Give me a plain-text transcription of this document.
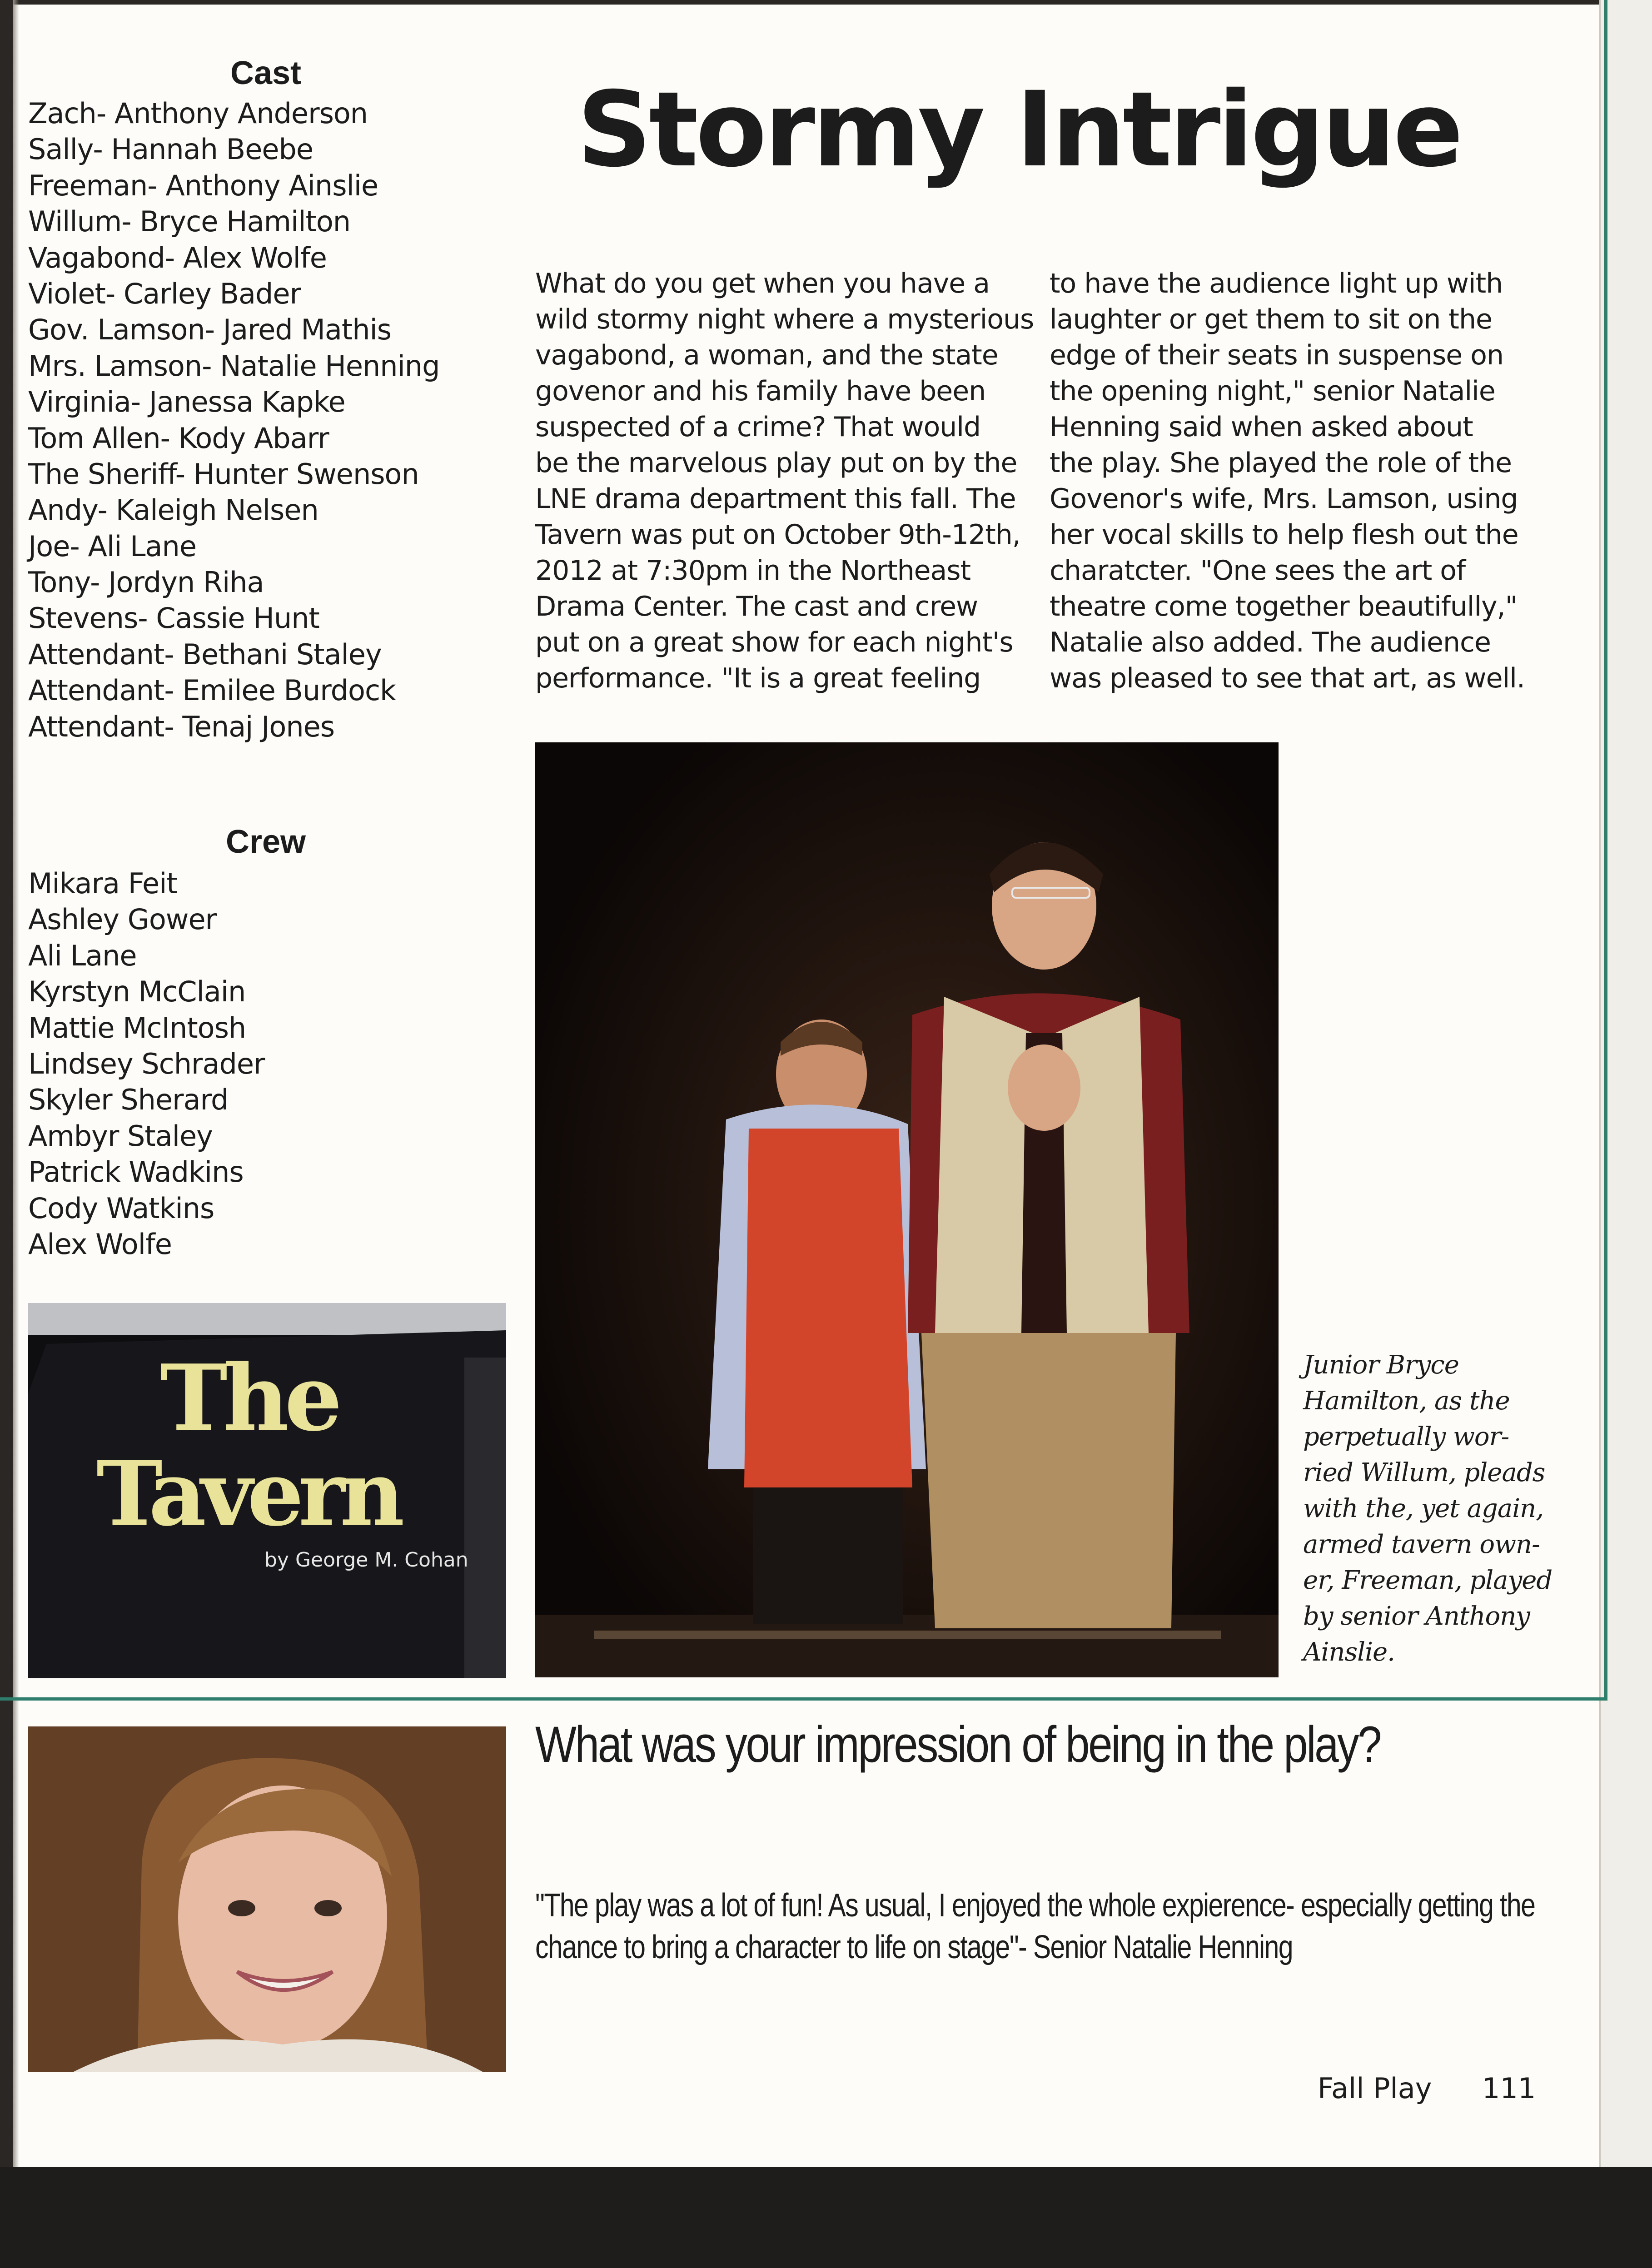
Cast
Zach- Anthony Anderson
Sally- Hannah Beebe
Freeman- Anthony Ainslie
Willum- Bryce Hamilton
Vagabond- Alex Wolfe
Violet- Carley Bader
Gov. Lamson- Jared Mathis
Mrs. Lamson- Natalie Henning
Virginia- Janessa Kapke
Tom Allen- Kody Abarr
The Sheriff- Hunter Swenson
Andy- Kaleigh Nelsen
Joe- Ali Lane
Tony- Jordyn Riha
Stevens- Cassie Hunt
Attendant- Bethani Staley
Attendant- Emilee Burdock
Attendant- Tenaj Jones
Crew
Mikara Feit
Ashley Gower
Ali Lane
Kyrstyn McClain
Mattie McIntosh
Lindsey Schrader
Skyler Sherard
Ambyr Staley
Patrick Wadkins
Cody Watkins
Alex Wolfe
Stormy Intrigue
What do you get when you have a
wild stormy night where a mysterious
vagabond, a woman, and the state
govenor and his family have been
suspected of a crime? That would
be the marvelous play put on by the
LNE drama department this fall. The
Tavern was put on October 9th-12th,
2012 at 7:30pm in the Northeast
Drama Center. The cast and crew
put on a great show for each night's
performance. "It is a great feeling
to have the audience light up with
laughter or get them to sit on the
edge of their seats in suspense on
the opening night," senior Natalie
Henning said when asked about
the play. She played the role of the
Govenor's wife, Mrs. Lamson, using
her vocal skills to help flesh out the
charatcter. "One sees the art of
theatre come together beautifully,"
Natalie also added. The audience
was pleased to see that art, as well.
Junior Bryce
Hamilton, as the
perpetually wor-
ried Willum, pleads
with the, yet again,
armed tavern own-
er, Freeman, played
by senior Anthony
Ainslie.
The
Tavern
by George M. Cohan
What was your impression of being in the play?
"The play was a lot of fun! As usual, I enjoyed the whole expierence- especially getting the
chance to bring a character to life on stage"- Senior Natalie Henning
Fall Play 111
